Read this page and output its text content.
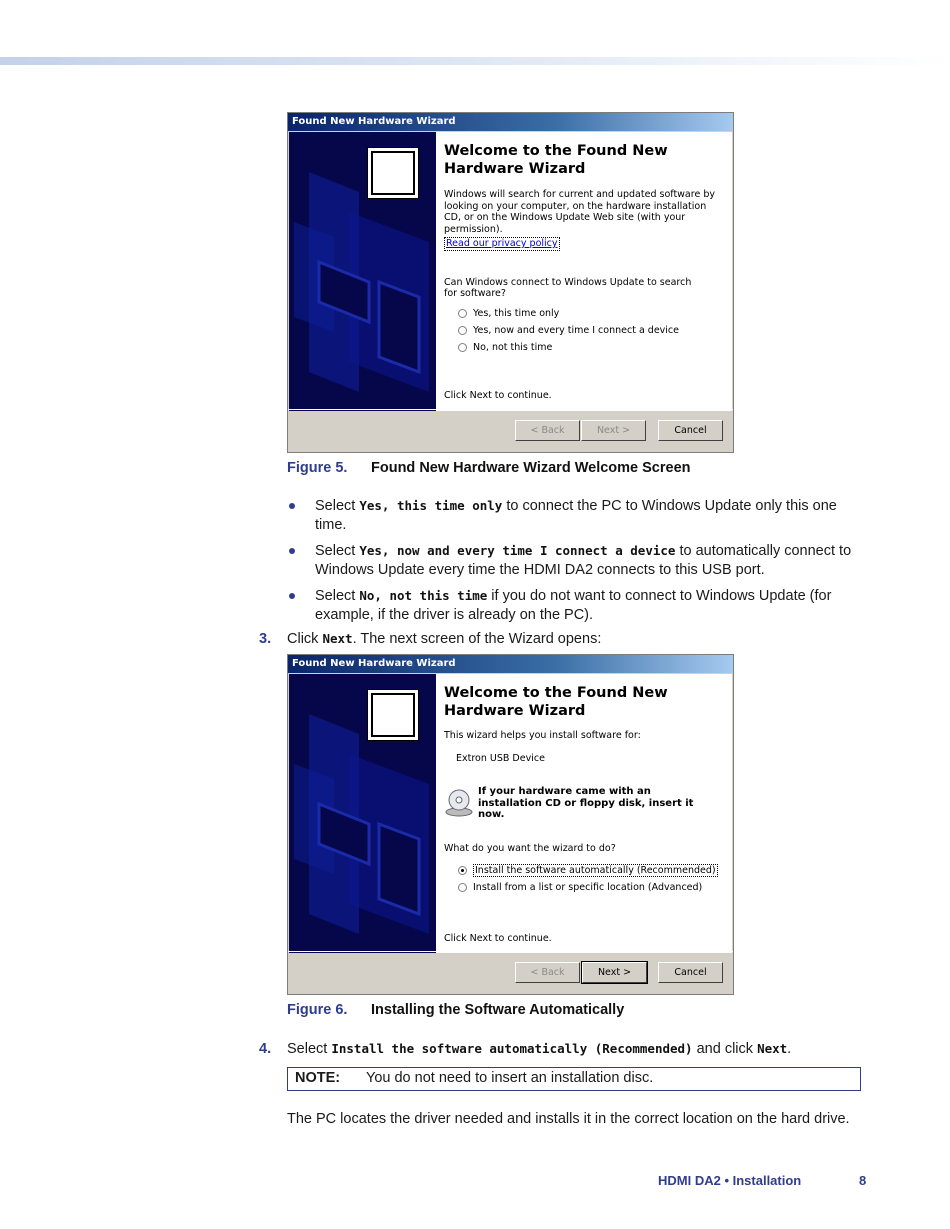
Found New Hardware Wizard
Welcome to the Found New Hardware Wizard
Windows will search for current and updated software by looking on your computer, on the hardware installation CD, or on the Windows Update Web site (with your permission).
Read our privacy policy
Can Windows connect to Windows Update to search for software?
Yes, this time only
Yes, now and every time I connect a device
No, not this time
Click Next to continue.
< Back	Next >	Cancel
Figure 5. Found New Hardware Wizard Welcome Screen
Select Yes, this time only to connect the PC to Windows Update only this one time.
Select Yes, now and every time I connect a device to automatically connect to Windows Update every time the HDMI DA2 connects to this USB port.
Select No, not this time if you do not want to connect to Windows Update (for example, if the driver is already on the PC).
3. Click Next. The next screen of the Wizard opens:
Found New Hardware Wizard
Welcome to the Found New Hardware Wizard
This wizard helps you install software for:
Extron USB Device
If your hardware came with an installation CD or floppy disk, insert it now.
What do you want the wizard to do?
Install the software automatically (Recommended)
Install from a list or specific location (Advanced)
Click Next to continue.
< Back	Next >	Cancel
Figure 6. Installing the Software Automatically
4. Select Install the software automatically (Recommended) and click Next.
NOTE: You do not need to insert an installation disc.
The PC locates the driver needed and installs it in the correct location on the hard drive.
HDMI DA2 • Installation	8
